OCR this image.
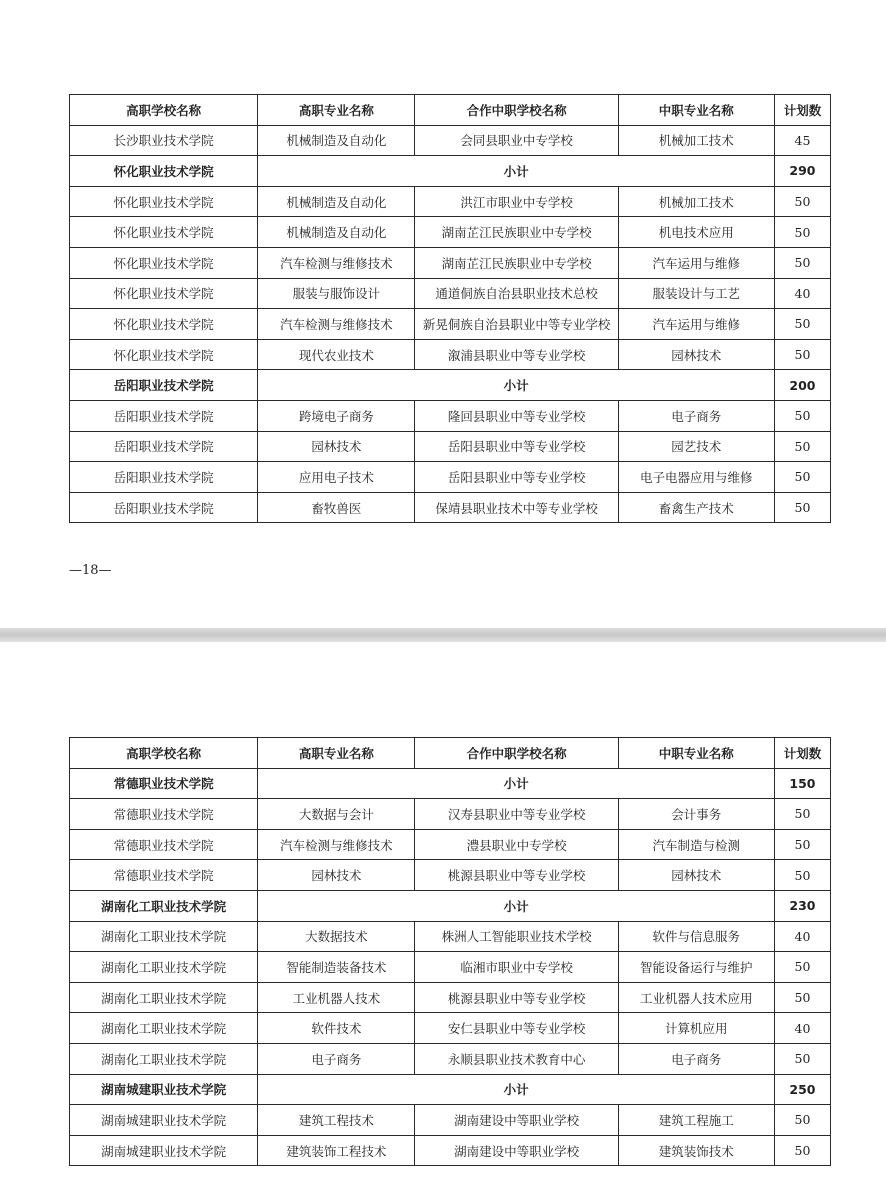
高职学校名称	高职专业名称	合作中职学校名称	中职专业名称	计划数
长沙职业技术学院	机械制造及自动化	会同县职业中专学校	机械加工技术	45
怀化职业技术学院	小计			290
怀化职业技术学院	机械制造及自动化	洪江市职业中专学校	机械加工技术	50
怀化职业技术学院	机械制造及自动化	湖南芷江民族职业中专学校	机电技术应用	50
怀化职业技术学院	汽车检测与维修技术	湖南芷江民族职业中专学校	汽车运用与维修	50
怀化职业技术学院	服装与服饰设计	通道侗族自治县职业技术总校	服装设计与工艺	40
怀化职业技术学院	汽车检测与维修技术	新晃侗族自治县职业中等专业学校	汽车运用与维修	50
怀化职业技术学院	现代农业技术	溆浦县职业中等专业学校	园林技术	50
岳阳职业技术学院	小计			200
岳阳职业技术学院	跨境电子商务	隆回县职业中等专业学校	电子商务	50
岳阳职业技术学院	园林技术	岳阳县职业中等专业学校	园艺技术	50
岳阳职业技术学院	应用电子技术	岳阳县职业中等专业学校	电子电器应用与维修	50
岳阳职业技术学院	畜牧兽医	保靖县职业技术中等专业学校	畜禽生产技术	50
—18—
高职学校名称	高职专业名称	合作中职学校名称	中职专业名称	计划数
常德职业技术学院	小计			150
常德职业技术学院	大数据与会计	汉寿县职业中等专业学校	会计事务	50
常德职业技术学院	汽车检测与维修技术	澧县职业中专学校	汽车制造与检测	50
常德职业技术学院	园林技术	桃源县职业中等专业学校	园林技术	50
湖南化工职业技术学院	小计			230
湖南化工职业技术学院	大数据技术	株洲人工智能职业技术学校	软件与信息服务	40
湖南化工职业技术学院	智能制造装备技术	临湘市职业中专学校	智能设备运行与维护	50
湖南化工职业技术学院	工业机器人技术	桃源县职业中等专业学校	工业机器人技术应用	50
湖南化工职业技术学院	软件技术	安仁县职业中等专业学校	计算机应用	40
湖南化工职业技术学院	电子商务	永顺县职业技术教育中心	电子商务	50
湖南城建职业技术学院	小计			250
湖南城建职业技术学院	建筑工程技术	湖南建设中等职业学校	建筑工程施工	50
湖南城建职业技术学院	建筑装饰工程技术	湖南建设中等职业学校	建筑装饰技术	50
